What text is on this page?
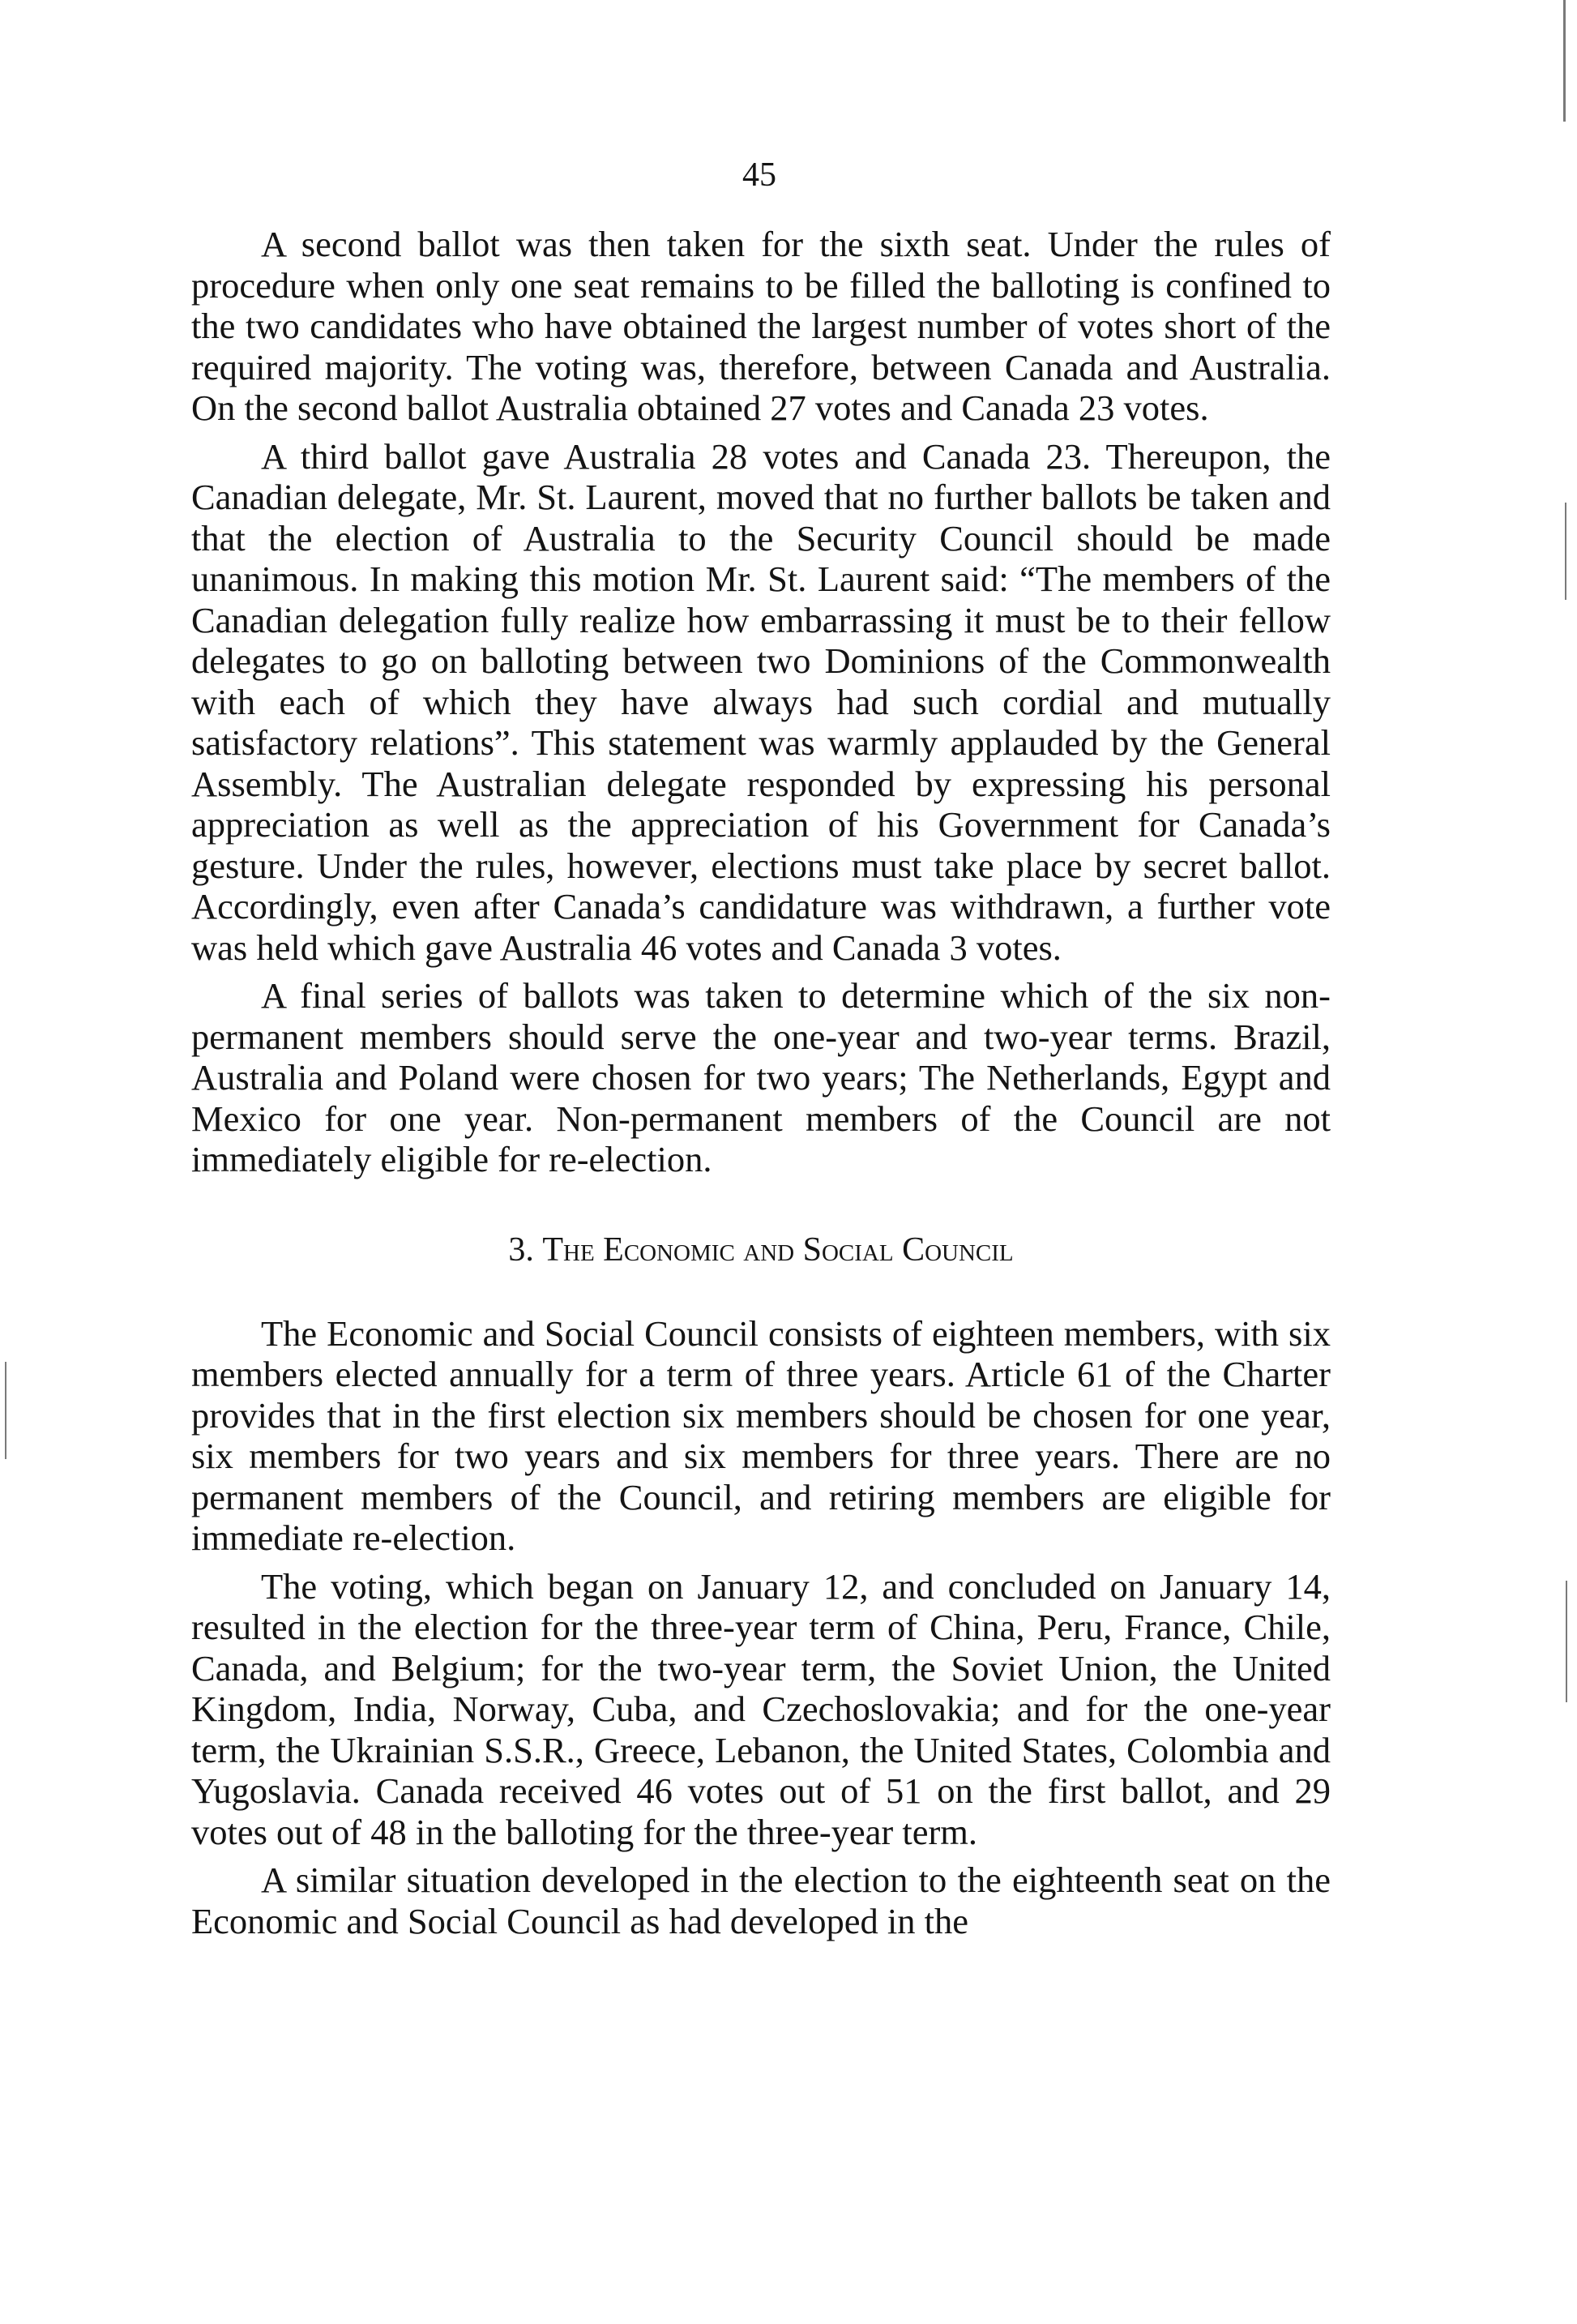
45

A second ballot was then taken for the sixth seat. Under the rules of procedure when only one seat remains to be filled the balloting is confined to the two candidates who have obtained the largest number of votes short of the required majority. The voting was, therefore, between Canada and Australia. On the second ballot Australia obtained 27 votes and Canada 23 votes.

A third ballot gave Australia 28 votes and Canada 23. Thereupon, the Canadian delegate, Mr. St. Laurent, moved that no further ballots be taken and that the election of Australia to the Security Council should be made unanimous. In making this motion Mr. St. Laurent said: “The members of the Canadian delegation fully realize how embarrassing it must be to their fellow delegates to go on balloting between two Dominions of the Commonwealth with each of which they have always had such cordial and mutually satisfactory relations”. This statement was warmly applauded by the General Assembly. The Australian delegate responded by expressing his personal appreciation as well as the appreciation of his Government for Canada’s gesture. Under the rules, however, elections must take place by secret ballot. Accordingly, even after Canada’s candidature was withdrawn, a further vote was held which gave Australia 46 votes and Canada 3 votes.

A final series of ballots was taken to determine which of the six non-permanent members should serve the one-year and two-year terms. Brazil, Australia and Poland were chosen for two years; The Netherlands, Egypt and Mexico for one year. Non-permanent members of the Council are not immediately eligible for re-election.

3. The Economic and Social Council

The Economic and Social Council consists of eighteen members, with six members elected annually for a term of three years. Article 61 of the Charter provides that in the first election six members should be chosen for one year, six members for two years and six members for three years. There are no permanent members of the Council, and retiring members are eligible for immediate re-election.

The voting, which began on January 12, and concluded on January 14, resulted in the election for the three-year term of China, Peru, France, Chile, Canada, and Belgium; for the two-year term, the Soviet Union, the United Kingdom, India, Norway, Cuba, and Czechoslovakia; and for the one-year term, the Ukrainian S.S.R., Greece, Lebanon, the United States, Colombia and Yugoslavia. Canada received 46 votes out of 51 on the first ballot, and 29 votes out of 48 in the balloting for the three-year term.

A similar situation developed in the election to the eighteenth seat on the Economic and Social Council as had developed in the
